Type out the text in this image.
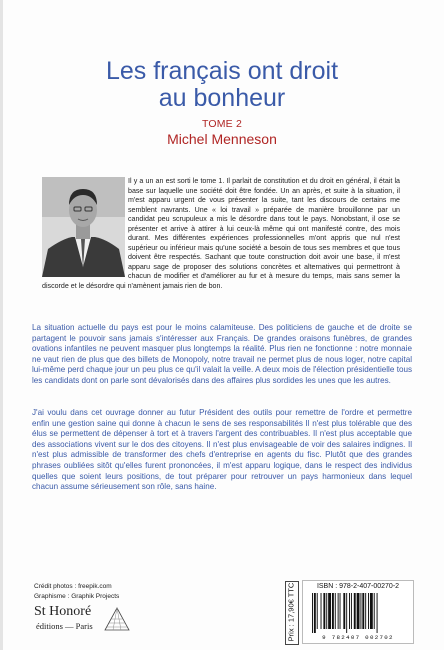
Les français ont droit
au bonheur
TOME 2
Michel Menneson
Il y a un an est sorti le tome 1. Il parlait de constitution et du droit en général, il était la base sur laquelle une société doit être fondée. Un an après, et suite à la situation, il m'est apparu urgent de vous présenter la suite, tant les discours de certains me semblent navrants. Une « loi travail » préparée de manière brouillonne par un candidat peu scrupuleux a mis le désordre dans tout le pays. Nonobstant, il ose se présenter et arrive à attirer à lui ceux-là même qui ont manifesté contre, des mois durant. Mes différentes expériences professionnelles m'ont appris que nul n'est supérieur ou inférieur mais qu'une société a besoin de tous ses membres et que tous doivent être respectés. Sachant que toute construction doit avoir une base, il m'est apparu sage de proposer des solutions concrètes et alternatives qui permettront à chacun de modifier et d'améliorer au fur et à mesure du temps, mais sans semer la discorde et le désordre qui n'amènent jamais rien de bon.
La situation actuelle du pays est pour le moins calamiteuse. Des politiciens de gauche et de droite se partagent le pouvoir sans jamais s'intéresser aux Français. De grandes oraisons funèbres, de grandes ovations infantiles ne peuvent masquer plus longtemps la réalité. Plus rien ne fonctionne : notre monnaie ne vaut rien de plus que des billets de Monopoly, notre travail ne permet plus de nous loger, notre capital lui-même perd chaque jour un peu plus ce qu'il valait la veille. A deux mois de l'élection présidentielle tous les candidats dont on parle sont dévalorisés dans des affaires plus sordides les unes que les autres.
J'ai voulu dans cet ouvrage donner au futur Président des outils pour remettre de l'ordre et permettre enfin une gestion saine qui donne à chacun le sens de ses responsabilités Il n'est plus tolérable que des élus se permettent de dépenser à tort et à travers l'argent des contribuables. Il n'est plus acceptable que des associations vivent sur le dos des citoyens. Il n'est plus envisageable de voir des salaires indignes. Il n'est plus admissible de transformer des chefs d'entreprise en agents du fisc. Plutôt que des grandes phrases oubliées sitôt qu'elles furent prononcées, il m'est apparu logique, dans le respect des individus quelles que soient leurs positions, de tout préparer pour retrouver un pays harmonieux dans lequel chacun assume sérieusement son rôle, sans haine.
Crédit photos : freepik.com
Graphisme : Graphik Projects
St Honoré
éditions — Paris	Prix : 17,90€ TTC	ISBN : 978-2-407-00270-2
9 782407 002702
